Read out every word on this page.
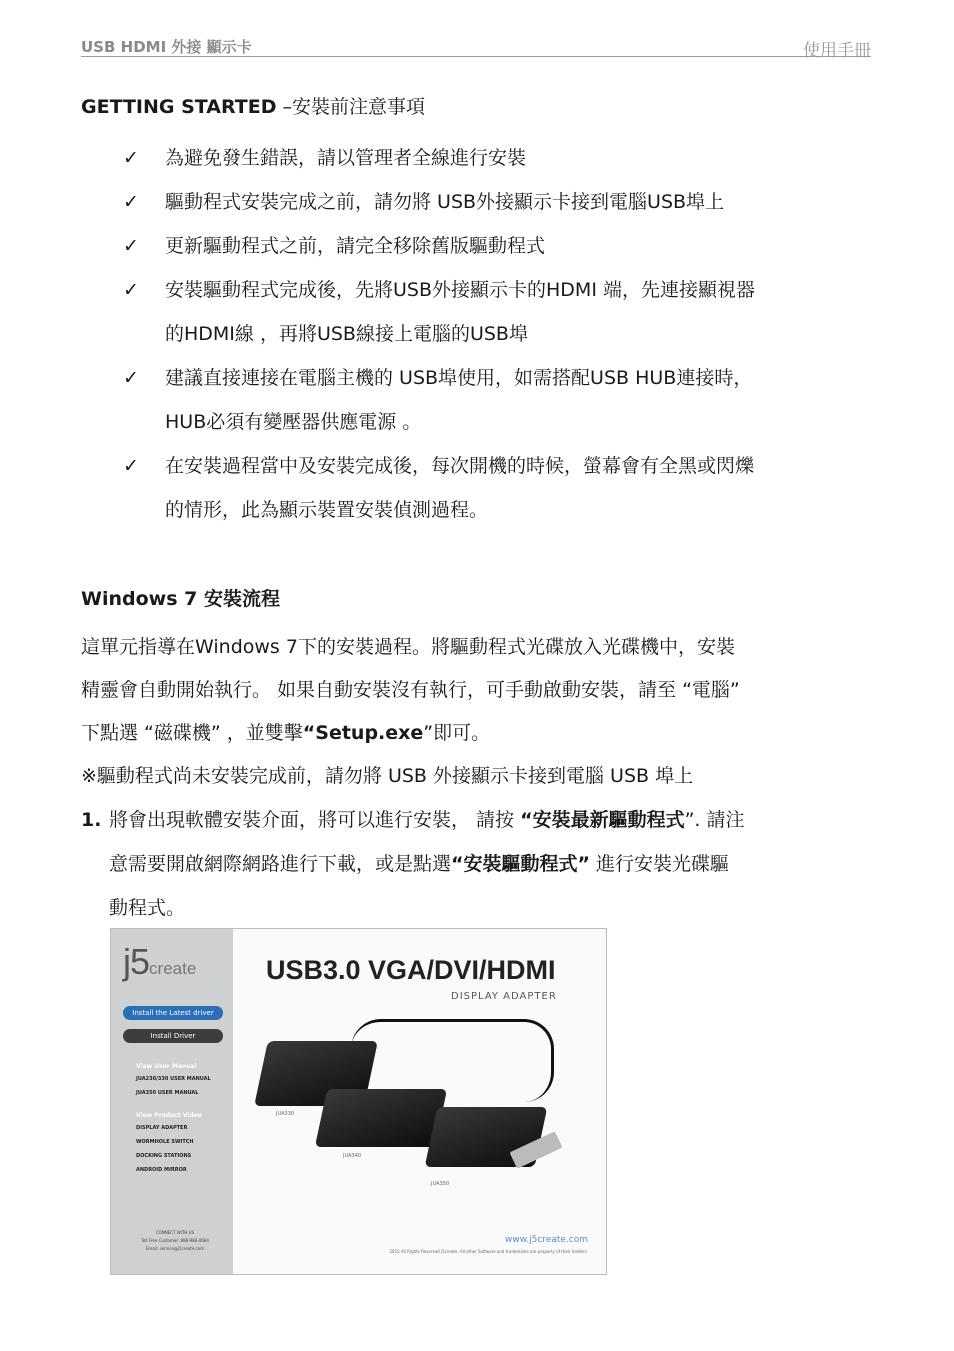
USB HDMI 外接 顯示卡	使用手冊
GETTING STARTED –安裝前注意事項
✓ 為避免發生錯誤，請以管理者全線進行安裝
✓ 驅動程式安裝完成之前，請勿將 USB外接顯示卡接到電腦USB埠上
✓ 更新驅動程式之前，請完全移除舊版驅動程式
✓ 安裝驅動程式完成後，先將USB外接顯示卡的HDMI 端，先連接顯視器
的HDMI線 ，再將USB線接上電腦的USB埠
✓ 建議直接連接在電腦主機的 USB埠使用，如需搭配USB HUB連接時，
HUB必須有變壓器供應電源 。
✓ 在安裝過程當中及安裝完成後，每次開機的時候，螢幕會有全黑或閃爍
的情形，此為顯示裝置安裝偵測過程。
Windows 7 安裝流程
這單元指導在Windows 7下的安裝過程。將驅動程式光碟放入光碟機中，安裝
精靈會自動開始執行。 如果自動安裝沒有執行，可手動啟動安裝，請至 “電腦”
下點選 “磁碟機” ，並雙擊“Setup.exe”即可。
※驅動程式尚未安裝完成前，請勿將 USB 外接顯示卡接到電腦 USB 埠上
1. 將會出現軟體安裝介面，將可以進行安裝， 請按 “安裝最新驅動程式”. 請注
意需要開啟網際網路進行下載，或是點選“安裝驅動程式” 進行安裝光碟驅
動程式。
j5create
Install the Latest driver
Install Driver
View User Manual
JUA230/330 USER MANUAL
JUA350 USER MANUAL
View Product Video
DISPLAY ADAPTER
WORMHOLE SWITCH
DOCKING STATIONS
ANDROID MIRROR
CONNECT WITH US
Toll Free Customer: 888-988-0684
Email: service@j5create.com
USB3.0 VGA/DVI/HDMI
DISPLAY ADAPTER
JUA330
JUA340
JUA350
www.j5create.com
2015 All Rights Reserved j5create. All other Software and trademarks are property of their holders.
